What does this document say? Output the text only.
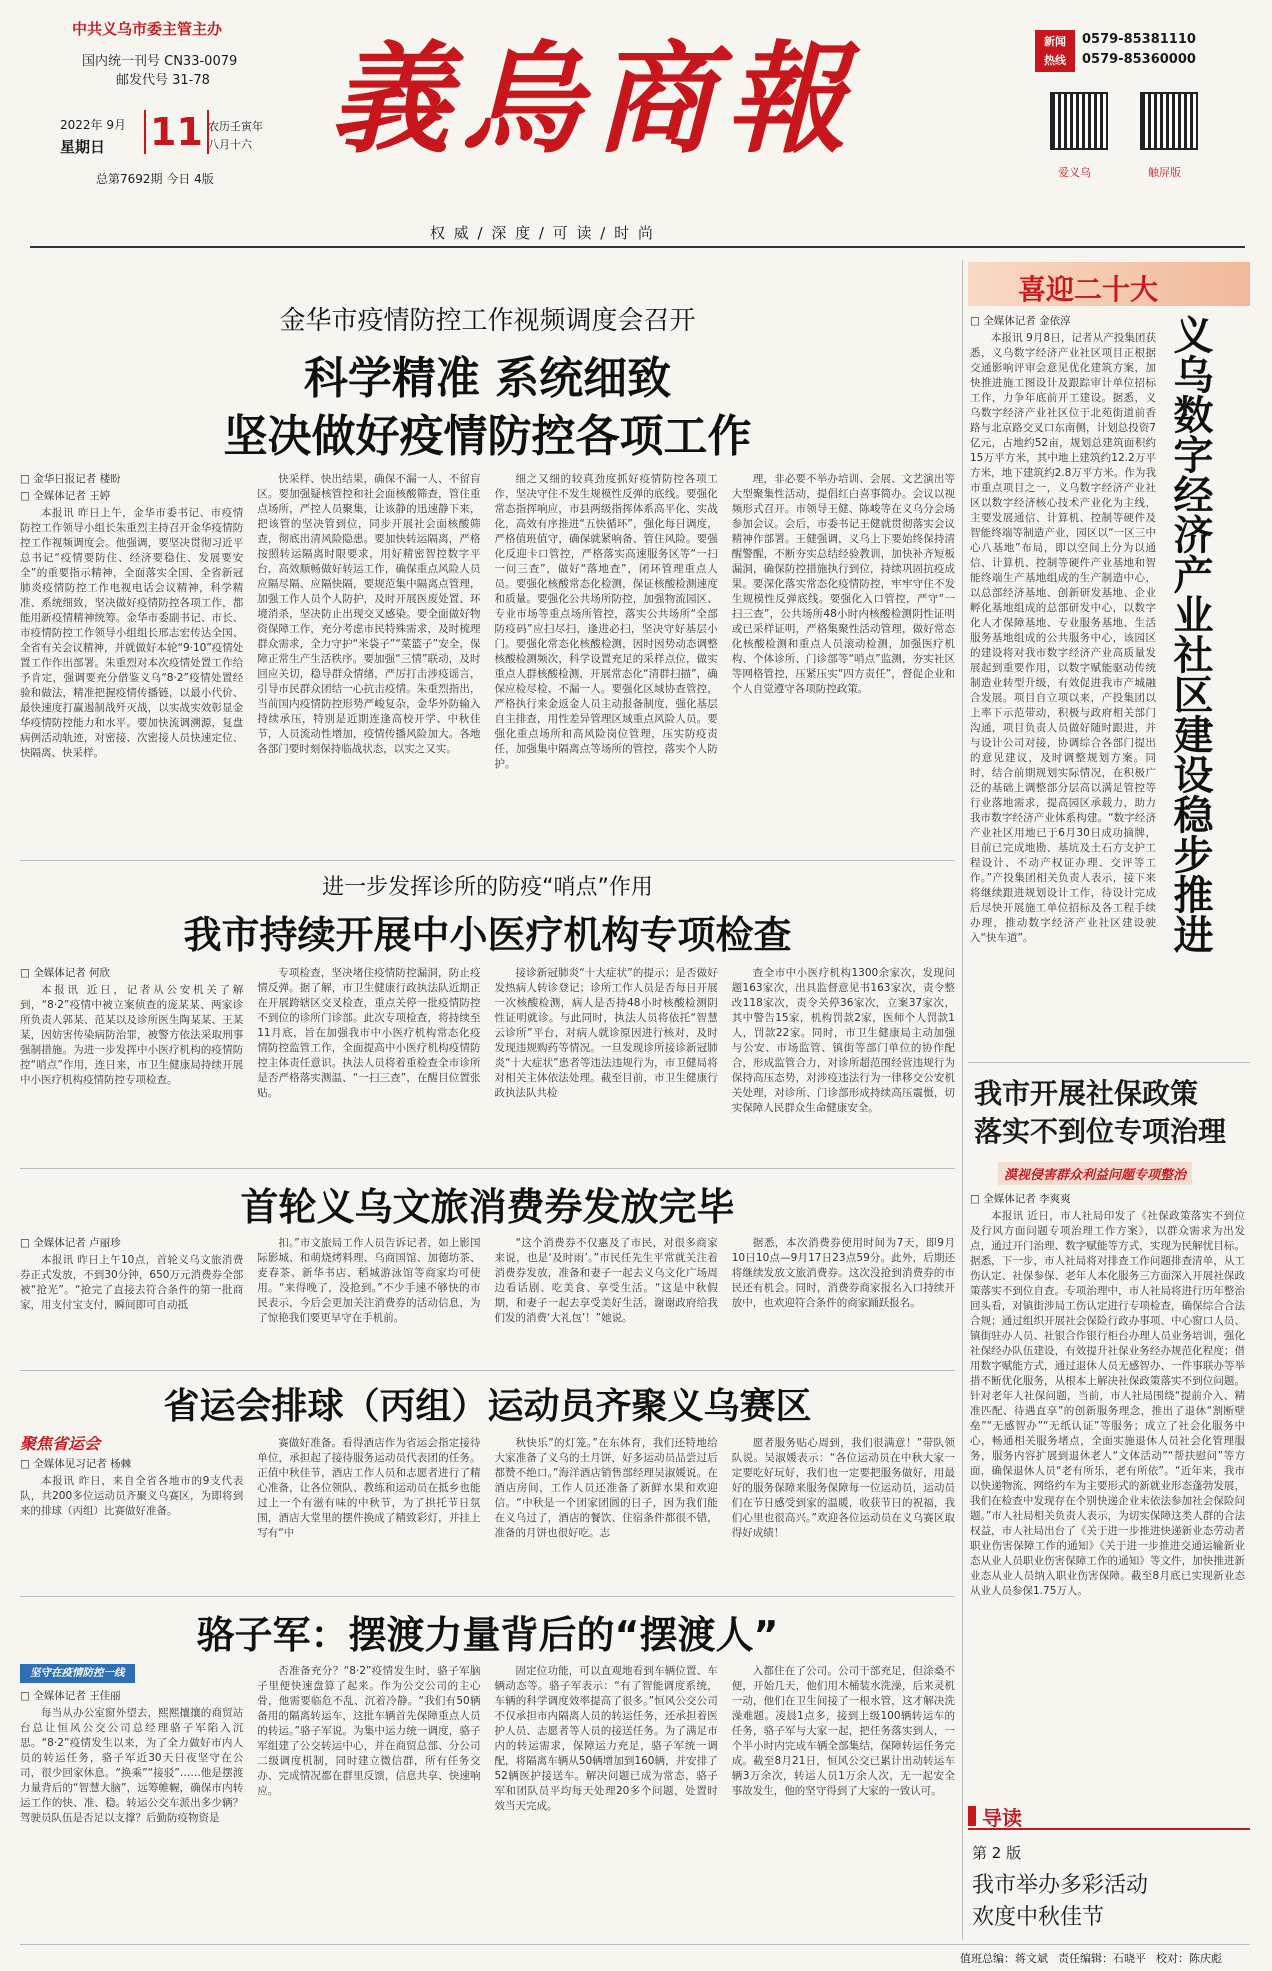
中共义乌市委主管主办
国内统一刊号 CN33-0079
邮发代号 31-78
2022年 9月
星期日 11 农历壬寅年
八月十六
总第7692期 今日 4版
義烏商報
权 威 / 深 度 / 可 读 / 时 尚
新闻
热线
0579-85381110
0579-85360000
爱义乌	触屏版
金华市疫情防控工作视频调度会召开
科学精准 系统细致
坚决做好疫情防控各项工作
□ 金华日报记者 楼盼
□ 全媒体记者 王婷

本报讯 昨日上午，金华市委书记、市疫情防控工作领导小组长朱重烈主持召开金华疫情防控工作视频调度会。他强调，要坚决贯彻习近平总书记“疫情要防住、经济要稳住、发展要安全”的重要指示精神，全面落实全国、全省新冠肺炎疫情防控工作电视电话会议精神，科学精准、系统细致，坚决做好疫情防控各项工作，都能用新疫情精神统筹。金华市委副书记、市长、市疫情防控工作领导小组组长邢志宏传达全国、全省有关会议精神，并就做好本轮“9·10”疫情处置工作作出部署。朱重烈对本次疫情处置工作给予肯定，强调要充分借鉴义乌“8·2”疫情处置经验和做法，精准把握疫情传播链，以最小代价、最快速度打赢遏制战歼灭战，以实战实效彰显金华疫情防控能力和水平。要加快流调溯源，复盘病例活动轨迹，对密接、次密接人员快速定位、快隔离、快采样。

快采样、快出结果，确保不漏一人、不留盲区。要加强疑核管控和社会面核酸筛查，管住重点场所，严控人员聚集，让该静的迅速静下来，把该管的坚决管到位，同步开展社会面核酸筛查，彻底出清风险隐患。要加快转运隔离，严格按照转运隔离时限要求，用好精密智控数字平台，高效顺畅做好转运工作，确保重点风险人员应隔尽隔、应隔快隔，要规范集中隔离点管理，加强工作人员个人防护，及时开展医废处置、环境消杀，坚决防止出现交叉感染。要全面做好物资保障工作，充分考虑市民特殊需求，及时梳理群众需求，全力守护“米袋子”“菜篮子”安全，保障正常生产生活秩序。要加强“三情”联动，及时回应关切，稳导群众情绪，严厉打击涉疫谣言，引导市民群众团结一心抗击疫情。朱重烈指出，当前国内疫情防控形势严峻复杂，金华外防输入持续承压，特别是近期连逢高校开学、中秋佳节，人员流动性增加，疫情传播风险加大。各地各部门要时刻保持临战状态，以实之又实。

细之又细的较真劲度抓好疫情防控各项工作，坚决守住不发生规模性反弹的底线。要强化常态指挥响应，市县两级指挥体系高平化、实战化，高效有序推进“五快循环”，强化每日调度，严格值班值守，确保就紧响备、管住风险。要强化反迎卡口管控，严格落实高速服务区等“一扫一问三查”，做好“落地查”，闭环管理重点人员。要强化核酸常态化检测，保证核酸检测速度和质量。要强化公共场所防控，加强物流园区、专业市场等重点场所管控，落实公共场所“全部防疫码”应扫尽扫，逢进必扫，坚决守好基层小门。要强化常态化核酸检测，因时因势动态调整核酸检测频次，科学设置充足的采样点位，做实重点人群核酸检测，开展常态化“清群扫描”，确保应检尽检、不漏一人。要强化区域协查管控，严格执行来金返金人员主动报备制度，强化基层自主排查，用性差异管理区域重点风险人员。要强化重点场所和高风险岗位管理，压实防疫责任，加强集中隔离点等场所的管控，落实个人防护。

理，非必要不举办培训、会展、文艺演出等大型聚集性活动，提倡红白喜事简办。会议以视频形式召开。市领导王健、陈峻等在义乌分会场参加会议。会后，市委书记王健就贯彻落实会议精神作部署。王健强调，义乌上下要始终保持清醒警醒，不断夯实总结经验教训，加快补齐短板漏洞，确保防控措施执行到位，持续巩固抗疫成果。要深化落实常态化疫情防控，牢牢守住不发生规模性反弹底线。要强化入口管控，严守“一扫三查”，公共场所48小时内核酸检测阴性证明或已采样证明，严格集聚性活动管理，做好常态化核酸检测和重点人员滚动检测，加强医疗机构、个体诊所、门诊部等“哨点”监测，夯实社区等网格管控，压紧压实“四方责任”，督促企业和个人自觉遵守各项防控政策。

进一步发挥诊所的防疫“哨点”作用
我市持续开展中小医疗机构专项检查
□ 全媒体记者 何欣

本报讯 近日，记者从公安机关了解到，“8·2”疫情中被立案侦查的庞某某、两家诊所负责人郭某、范某以及诊所医生陶某某、王某某，因妨害传染病防治罪，被警方依法采取刑事强制措施。为进一步发挥中小医疗机构的疫情防控“哨点”作用，连日来，市卫生健康局持续开展中小医疗机构疫情防控专项检查。

专项检查，坚决堵住疫情防控漏洞，防止疫情反弹。据了解，市卫生健康行政执法队近期正在开展跨辖区交叉检查，重点关停一批疫情防控不到位的诊所门诊部。此次专项检查，将持续至11月底，旨在加强我市中小医疗机构常态化疫情防控监管工作，全面提高中小医疗机构疫情防控主体责任意识。执法人员将着重检查全市诊所是否严格落实测温、“一扫三查”，在醒目位置张贴。

接诊新冠肺炎“十大症状”的提示；是否做好发热病人转诊登记；诊所工作人员是否每日开展一次核酸检测，病人是否持48小时核酸检测阴性证明就诊。与此同时，执法人员将依托“智慧云诊所”平台，对病人就诊原因进行核对，及时发现违规购药等情况。一旦发现诊所接诊新冠肺炎“十大症状”患者等违法违规行为，市卫健局将对相关主体依法处理。截至目前，市卫生健康行政执法队共检

查全市中小医疗机构1300余家次，发现问题163家次，出具监督意见书163家次，责令整改118家次，责令关停36家次，立案37家次，其中警告15家，机构罚款2家，医师个人罚款1人，罚款22家。同时，市卫生健康局主动加强与公安、市场监管、镇街等部门单位的协作配合，形成监管合力，对诊所超范围经营违规行为保持高压态势，对涉疫违法行为一律移交公安机关处理，对诊所、门诊部形成持续高压震慑，切实保障人民群众生命健康安全。

首轮义乌文旅消费券发放完毕
□ 全媒体记者 卢丽珍

本报讯 昨日上午10点，首轮义乌文旅消费券正式发放，不到30分钟，650万元消费券全部被“抢光”。“抢完了直接去符合条件的第一批商家，用支付宝支付，瞬间即可自动抵

扣。”市文旅局工作人员告诉记者，如上影国际影城、和萌烧烤料理、乌商国馆、加德坊茶、麦春茶、新华书店、稻城游泳馆等商家均可使用。“来得晚了，没抢到。”不少手速不够快的市民表示，今后会更加关注消费券的活动信息，为了惊艳我们要更早守在手机前。

“这个消费券不仅惠及了市民，对很多商家来说，也是‘及时雨’。”市民任先生平常就关注着消费券发放，准备和妻子一起去义乌文化广场周边看话剧、吃美食、享受生活。“这是中秋假期，和妻子一起去享受美好生活，谢谢政府给我们发的消费‘大礼包’！”她说。

据悉，本次消费券使用时间为7天，即9月10日10点—9月17日23点59分。此外，后期还将继续发放文旅消费券。这次没抢到消费券的市民还有机会。同时，消费券商家报名入口持续开放中，也欢迎符合条件的商家踊跃报名。

省运会排球（丙组）运动员齐聚义乌赛区
聚焦省运会
□ 全媒体见习记者 杨棘

本报讯 昨日，来自全省各地市的9支代表队，共200多位运动员齐聚义乌赛区，为即将到来的排球（丙组）比赛做好准备。

赛做好准备。看得酒店作为省运会指定接待单位，承担起了接待服务运动员代表团的任务。正值中秋佳节，酒店工作人员和志愿者进行了精心准备，让各位领队、教练和运动员在抵乡也能过上一个有滋有味的中秋节，为了拱托节日氛围，酒店大堂里的摆件换成了精致彩灯，并挂上写有“中

秋快乐”的灯笼。”在东体育，我们还特地给大家准备了义乌的土月饼，好多运动员品尝过后都赞不绝口。”海洋酒店销售部经理吴淑媛说。在酒店房间，工作人员还准备了新鲜水果和欢迎信。“中秋是一个团家团圆的日子，因为我们能在义乌过了，酒店的餐饮、住宿条件都很不错，准备的月饼也很好吃。志

愿者服务贴心周到，我们很满意！”带队领队说。吴淑媛表示：“各位运动员在中秋大家一定要吃好玩好，我们也一定要把服务做好，用最好的服务保障来服务保障每一位运动员，运动员们在节日感受到家的温暖，收获节日的祝福，我们心里也很高兴。”欢迎各位运动员在义乌赛区取得好成绩！

骆子军：摆渡力量背后的“摆渡人”
坚守在疫情防控一线
□ 全媒体记者 王佳丽

每当从办公室窗外望去，熙熙攘攘的商贸站台总让恒风公交公司总经理骆子军陷入沉思。“8·2”疫情发生以来，为了全力做好市内人员的转运任务，骆子军近30天日夜坚守在公司，很少回家休息。“换乘”“接驳”……他是摆渡力量背后的“智慧大脑”，远筹帷幄，确保市内转运工作的快、准、稳。转运公交车派出多少辆？驾驶员队伍是否足以支撑？后勤防疫物资是

否准备充分？“8·2”疫情发生时，骆子军脑子里便快速盘算了起来。作为公交公司的主心骨，他需要临危不乱、沉着冷静。“我们有50辆备用的隔离转运车，这批车辆首先保障重点人员的转运。”骆子军说。为集中运力统一调度，骆子军组建了公交转运中心，并在商贸总部、分公司二级调度机制，同时建立微信群，所有任务交办、完成情况都在群里反馈，信息共享、快速响应。

固定位功能，可以直观地看到车辆位置、车辆动态等。骆子军表示：“有了智能调度系统，车辆的科学调度效率提高了很多。”恒风公交公司不仅承担市内隔离人员的转运任务，还承担着医护人员、志愿者等人员的接送任务。为了满足市内的转运需求，保障运力充足，骆子军统一调配，将隔离车辆从50辆增加到160辆，并安排了52辆医护接送车。解决问题已成为常态，骆子军和团队员平均每天处理20多个问题，处置时效当天完成。

入都住在了公司。公司干部充足，但涂桑不便，开始几天，他们用木桶装水洗澡，后来灵机一动，他们在卫生间接了一根水管，这才解决洗澡难题。凌晨1点多，接到上级100辆转运车的任务，骆子军与大家一起，把任务落实到人，一个半小时内完成车辆全部集结，保障转运任务完成。截至8月21日，恒风公交已累计出动转运车辆3万余次，转运人员1万余人次，无一起安全事故发生，他的坚守得到了大家的一致认可。

喜迎二十大
□ 全媒体记者 金依淳

本报讯 9月8日，记者从产投集团获悉，义乌数字经济产业社区项目正根据交通影响评审会意见优化建筑方案，加快推进施工图设计及跟踪审计单位招标工作，力争年底前开工建设。据悉，义乌数字经济产业社区位于北苑街道前香路与北京路交叉口东南侧，计划总投资7亿元，占地约52亩，规划总建筑面积约15万平方米，其中地上建筑约12.2万平方米，地下建筑约2.8万平方米。作为我市重点项目之一，义乌数字经济产业社区以数字经济核心技术产业化为主线，主要发展通信、计算机、控制等硬件及智能终端等制造产业，园区以“一区三中心八基地”布局，即以空间上分为以通信、计算机、控制等硬件产业基地和智能终端生产基地组成的生产制造中心，以总部经济基地、创新研发基地、企业孵化基地组成的总部研发中心，以数字化人才保障基地、专业服务基地、生活服务基地组成的公共服务中心，该园区的建设将对我市数字经济产业高质量发展起到重要作用，以数字赋能驱动传统制造业转型升级，有效促进我市产城融合发展。项目自立项以来，产投集团以上率下示范带动，积极与政府相关部门沟通，项目负责人员做好随时跟进，并与设计公司对接，协调综合各部门提出的意见建议，及时调整规划方案。同时，结合前期规划实际情况，在积极广泛的基础上调整部分层高以满足管控等行业落地需求，提高园区承载力，助力我市数字经济产业体系构建。“数字经济产业社区用地已于6月30日成功摘牌，目前已完成地勘、基坑及土石方支护工程设计、不动产权证办理、交评等工作。”产投集团相关负责人表示，接下来将继续跟进规划设计工作，待设计完成后尽快开展施工单位招标及各工程手续办理，推动数字经济产业社区建设驶入“快车道”。	义乌数字经济产业社区建设稳步推进
我市开展社保政策
落实不到位专项治理
漠视侵害群众利益问题专项整治
□ 全媒体记者 李爽爽

本报讯 近日，市人社局印发了《社保政策落实不到位及行风方面问题专项治理工作方案》，以群众需求为出发点，通过开门治理、数字赋能等方式，实现为民解忧目标。据悉，下一步，市人社局将对排查工作问题排查清单，从工伤认定、社保参保、老年人本化服务三方面深入开展社保政策落实不到位自查。专项治理中，市人社局将进行历年整治回头看，对镇街涉局工伤认定进行专项检查，确保综合合法合规；通过组织开展社会保险行政办事项、中心窗口人员、镇街驻办人员、社银合作银行柜台办理人员业务培训，强化社保经办队伍建设，有效提升社保业务经办规范化程度；借用数字赋能方式，通过退休人员无感智办、一件事联办等举措不断优化服务，从根本上解决社保政策落实不到位问题。针对老年人社保问题，当前，市人社局围绕“提前介入、精准匹配、待遇直享”的创新服务理念，推出了退休“割断壁垒”“无感智办”“无纸认证”等服务；成立了社会化服务中心，畅通相关服务堵点，全面实施退休人员社会化管理服务，服务内容扩展到退休老人“文体活动”“帮扶慰问”等方面，确保退休人员“老有所乐，老有所依”。“近年来，我市以快递物流、网络约车为主要形式的新就业形态蓬勃发展，我们在检查中发现存在个别快递企业未依法参加社会保险问题。”市人社局相关负责人表示，为切实保障这类人群的合法权益，市人社局出台了《关于进一步推进快递新业态劳动者职业伤害保障工作的通知》《关于进一步推进交通运输新业态从业人员职业伤害保障工作的通知》等文件，加快推进新业态从业人员纳入职业伤害保障。截至8月底已实现新业态从业人员参保1.75万人。

导读
第 2 版
我市举办多彩活动
欢度中秋佳节
值班总编：蒋文斌 责任编辑：石晓平 校对：陈庆彪
